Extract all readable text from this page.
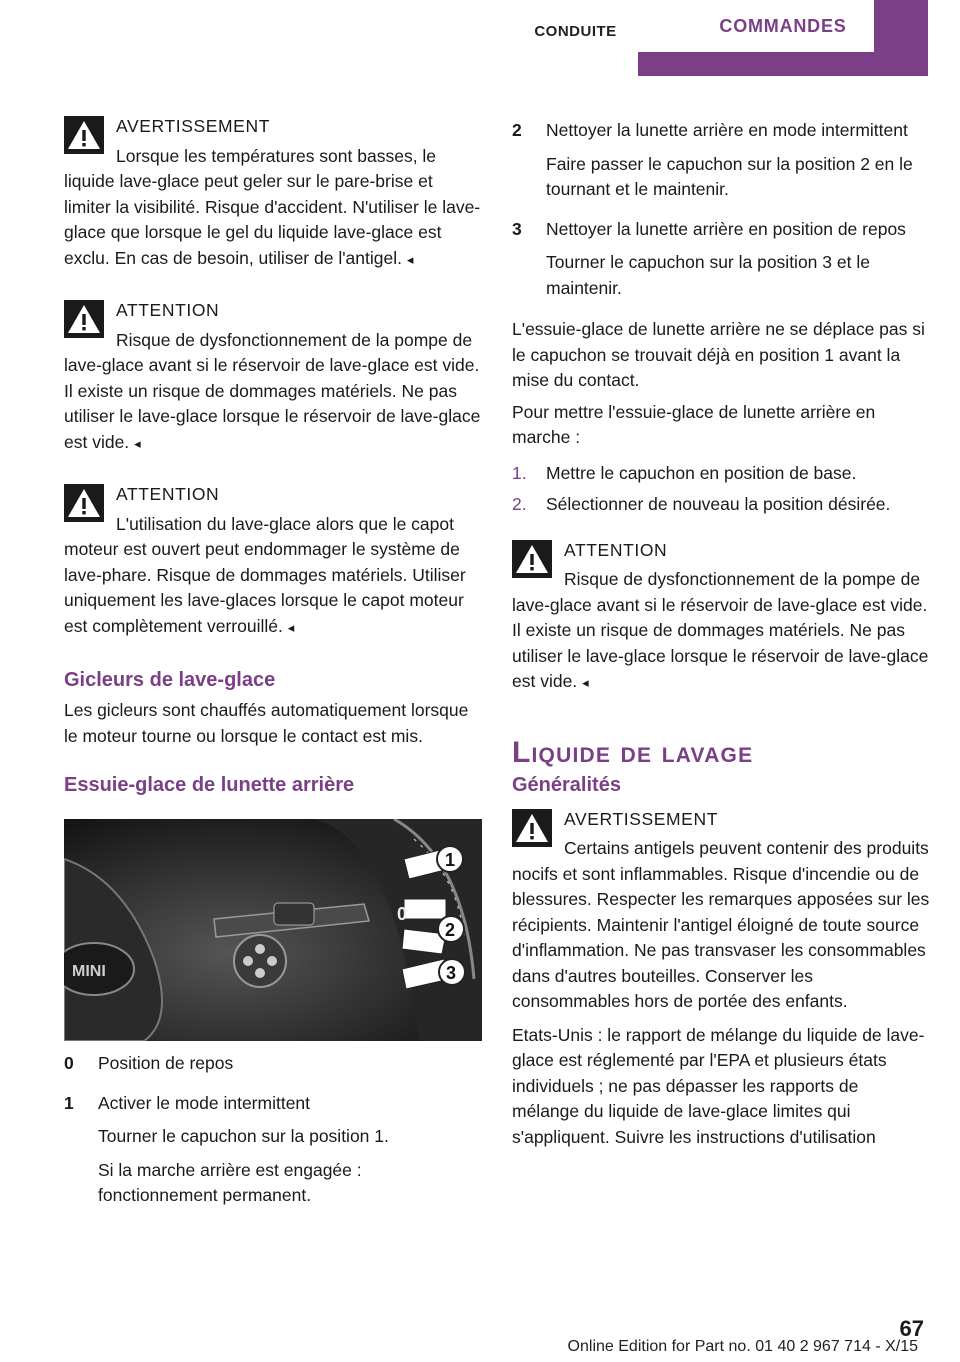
CONDUITE	COMMANDES
AVERTISSEMENT

Lorsque les températures sont basses, le liquide lave-glace peut geler sur le pare-brise et limiter la visibilité. Risque d'accident. N'utiliser le lave-glace que lorsque le gel du liquide lave-glace est exclu. En cas de besoin, utiliser de l'antigel. ◂

ATTENTION

Risque de dysfonctionnement de la pompe de lave-glace avant si le réservoir de lave-glace est vide. Il existe un risque de dommages matériels. Ne pas utiliser le lave-glace lorsque le réservoir de lave-glace est vide. ◂

ATTENTION

L'utilisation du lave-glace alors que le capot moteur est ouvert peut endommager le système de lave-phare. Risque de dommages matériels. Utiliser uniquement les lave-glaces lorsque le capot moteur est complètement verrouillé. ◂

Gicleurs de lave-glace

Les gicleurs sont chauffés automatiquement lorsque le moteur tourne ou lorsque le contact est mis.

Essuie-glace de lunette arrière
MINI
1
0
2
3
0	Position de repos

1	Activer le mode intermittent

Tourner le capuchon sur la position 1.

Si la marche arrière est engagée : fonctionnement permanent.

2	Nettoyer la lunette arrière en mode intermittent

Faire passer le capuchon sur la position 2 en le tournant et le maintenir.

3	Nettoyer la lunette arrière en position de repos

Tourner le capuchon sur la position 3 et le maintenir.

L'essuie-glace de lunette arrière ne se déplace pas si le capuchon se trouvait déjà en position 1 avant la mise du contact.

Pour mettre l'essuie-glace de lunette arrière en marche :

1.	Mettre le capuchon en position de base.
2.	Sélectionner de nouveau la position désirée.
ATTENTION

Risque de dysfonctionnement de la pompe de lave-glace avant si le réservoir de lave-glace est vide. Il existe un risque de dommages matériels. Ne pas utiliser le lave-glace lorsque le réservoir de lave-glace est vide. ◂

Liquide de lavage
Généralités
AVERTISSEMENT

Certains antigels peuvent contenir des produits nocifs et sont inflammables. Risque d'incendie ou de blessures. Respecter les remarques apposées sur les récipients. Maintenir l'antigel éloigné de toute source d'inflammation. Ne pas transvaser les consommables dans d'autres bouteilles. Conserver les consommables hors de portée des enfants.

Etats-Unis : le rapport de mélange du liquide de lave-glace est réglementé par l'EPA et plusieurs états individuels ; ne pas dépasser les rapports de mélange du liquide de lave-glace limites qui s'appliquent. Suivre les instructions d'utilisation

67
Online Edition for Part no. 01 40 2 967 714 - X/15
